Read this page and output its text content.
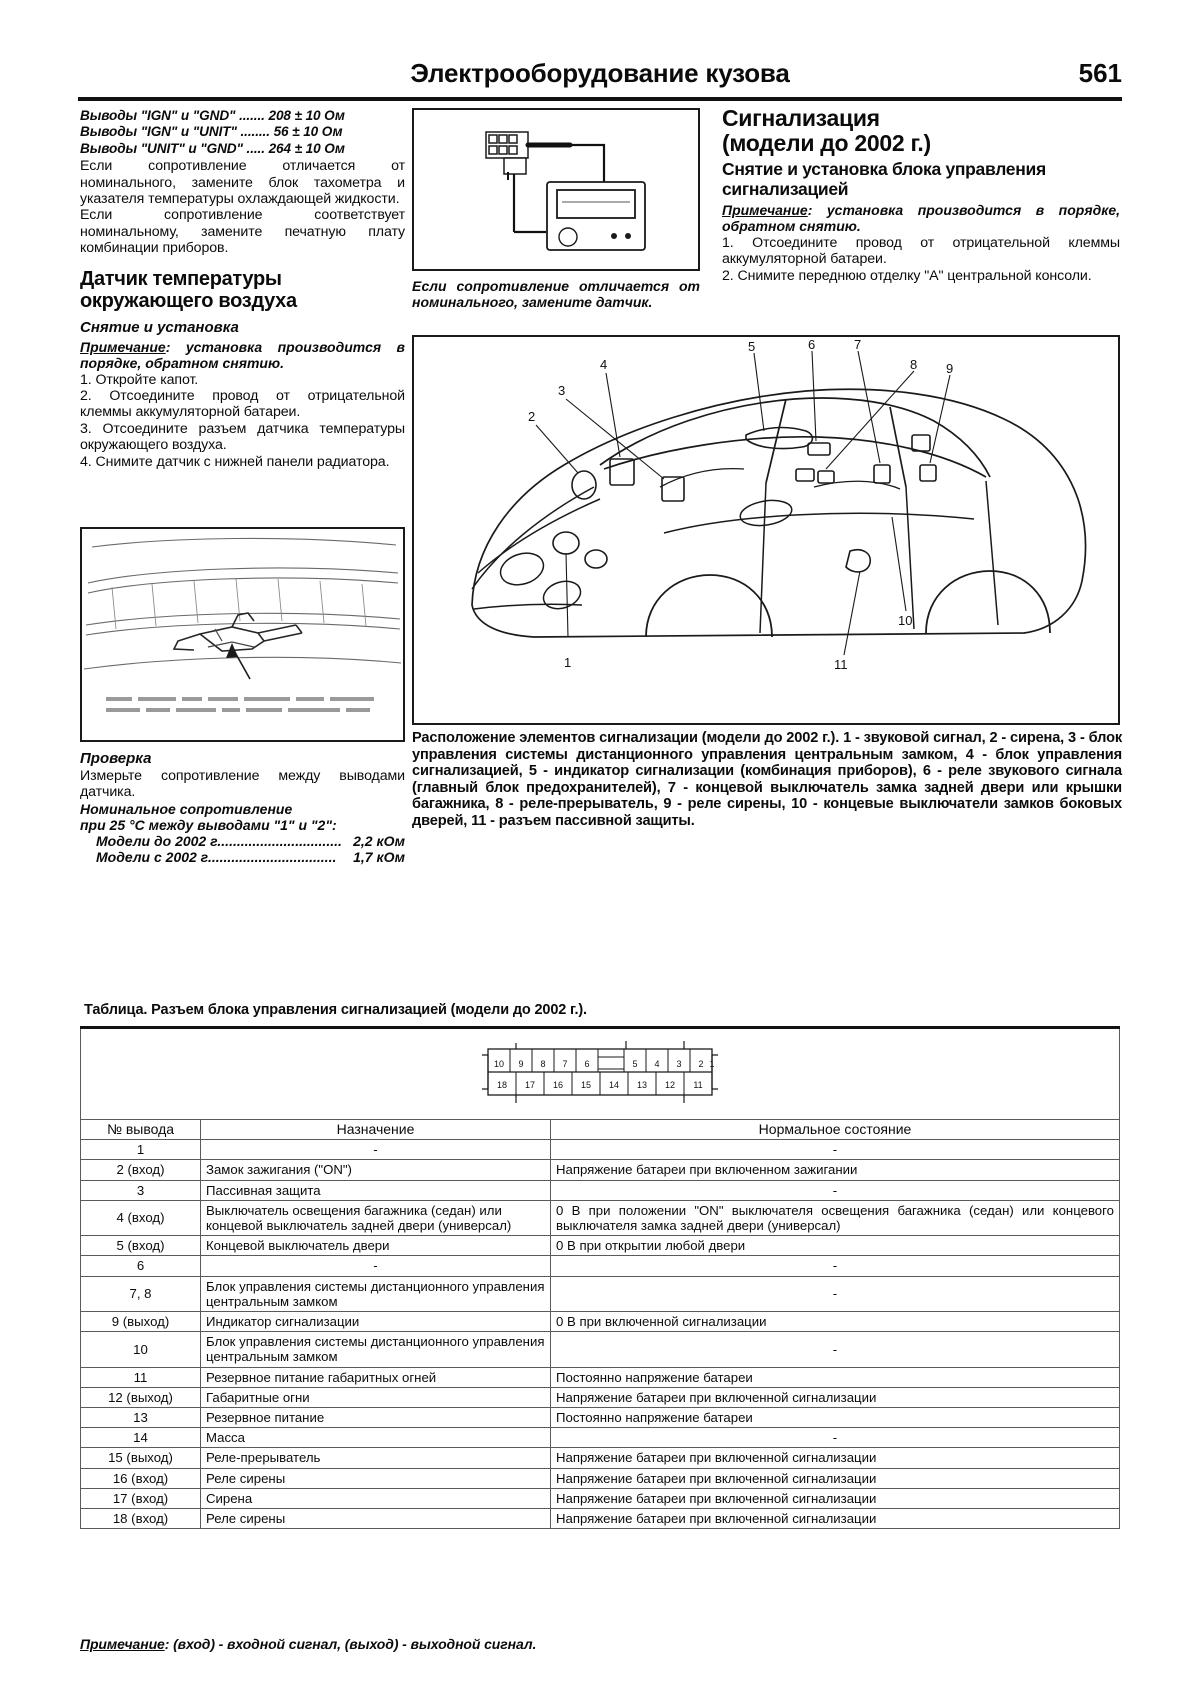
Электрооборудование кузова	561
Выводы "IGN" и "GND" ....... 208 ± 10 Ом
Выводы "IGN" и "UNIT" ........ 56 ± 10 Ом
Выводы "UNIT" и "GND" ..... 264 ± 10 Ом
Если сопротивление отличается от номинального, замените блок тахометра и указателя температуры охлаждающей жидкости.
Если сопротивление соответствует номинальному, замените печатную плату комбинации приборов.
Датчик температуры окружающего воздуха
Снятие и установка
Примечание: установка производится в порядке, обратном снятию.
1. Откройте капот.
2. Отсоедините провод от отрицательной клеммы аккумуляторной батареи.
3. Отсоедините разъем датчика температуры окружающего воздуха.
4. Снимите датчик с нижней панели радиатора.
Проверка
Измерьте сопротивление между выводами датчика.
Номинальное сопротивление
при 25 °С между выводами "1" и "2":
Модели до 2002 г. ............................... 2,2 кОм
Модели с 2002 г. ................................	1,7 кОм
Если сопротивление отличается от номинального, замените датчик.
Сигнализация
(модели до 2002 г.)
Снятие и установка блока управления сигнализацией
Примечание: установка производится в порядке, обратном снятию.
1. Отсоедините провод от отрицательной клеммы аккумуляторной батареи.
2. Снимите переднюю отделку "A" центральной консоли.
1
2
3
4
5	6	7
8 9
10
11
Расположение элементов сигнализации (модели до 2002 г.). 1 - звуковой сигнал, 2 - сирена, 3 - блок управления системы дистанционного управления центральным замком, 4 - блок управления сигнализацией, 5 - индикатор сигнализации (комбинация приборов), 6 - реле звукового сигнала (главный блок предохранителей), 7 - концевой выключатель замка задней двери или крышки багажника, 8 - реле-прерыватель, 9 - реле сирены, 10 - концевые выключатели замков боковых дверей, 11 - разъем пассивной защиты.
Таблица. Разъем блока управления сигнализацией (модели до 2002 г.).
10 9 8 7 6	5 4 3 2 1
18 17 16 15 14 13 12 11

№ вывода	Назначение	Нормальное состояние
1	-	-
2 (вход)	Замок зажигания ("ON")	Напряжение батареи при включенном зажигании
3	Пассивная защита	-
4 (вход)	Выключатель освещения багажника (седан) или концевой выключатель задней двери (универсал)	0 В при положении "ON" выключателя освещения багажника (седан) или концевого выключателя замка задней двери (универсал)
5 (вход)	Концевой выключатель двери	0 В при открытии любой двери
6	-	-
7, 8	Блок управления системы дистанционного управления центральным замком	-
9 (выход)	Индикатор сигнализации	0 В при включенной сигнализации
10	Блок управления системы дистанционного управления центральным замком	-
11	Резервное питание габаритных огней	Постоянно напряжение батареи
12 (выход)	Габаритные огни	Напряжение батареи при включенной сигнализации
13	Резервное питание	Постоянно напряжение батареи
14	Масса	-
15 (выход)	Реле-прерыватель	Напряжение батареи при включенной сигнализации
16 (вход)	Реле сирены	Напряжение батареи при включенной сигнализации
17 (вход)	Сирена	Напряжение батареи при включенной сигнализации
18 (вход)	Реле сирены	Напряжение батареи при включенной сигнализации
Примечание: (вход) - входной сигнал, (выход) - выходной сигнал.
